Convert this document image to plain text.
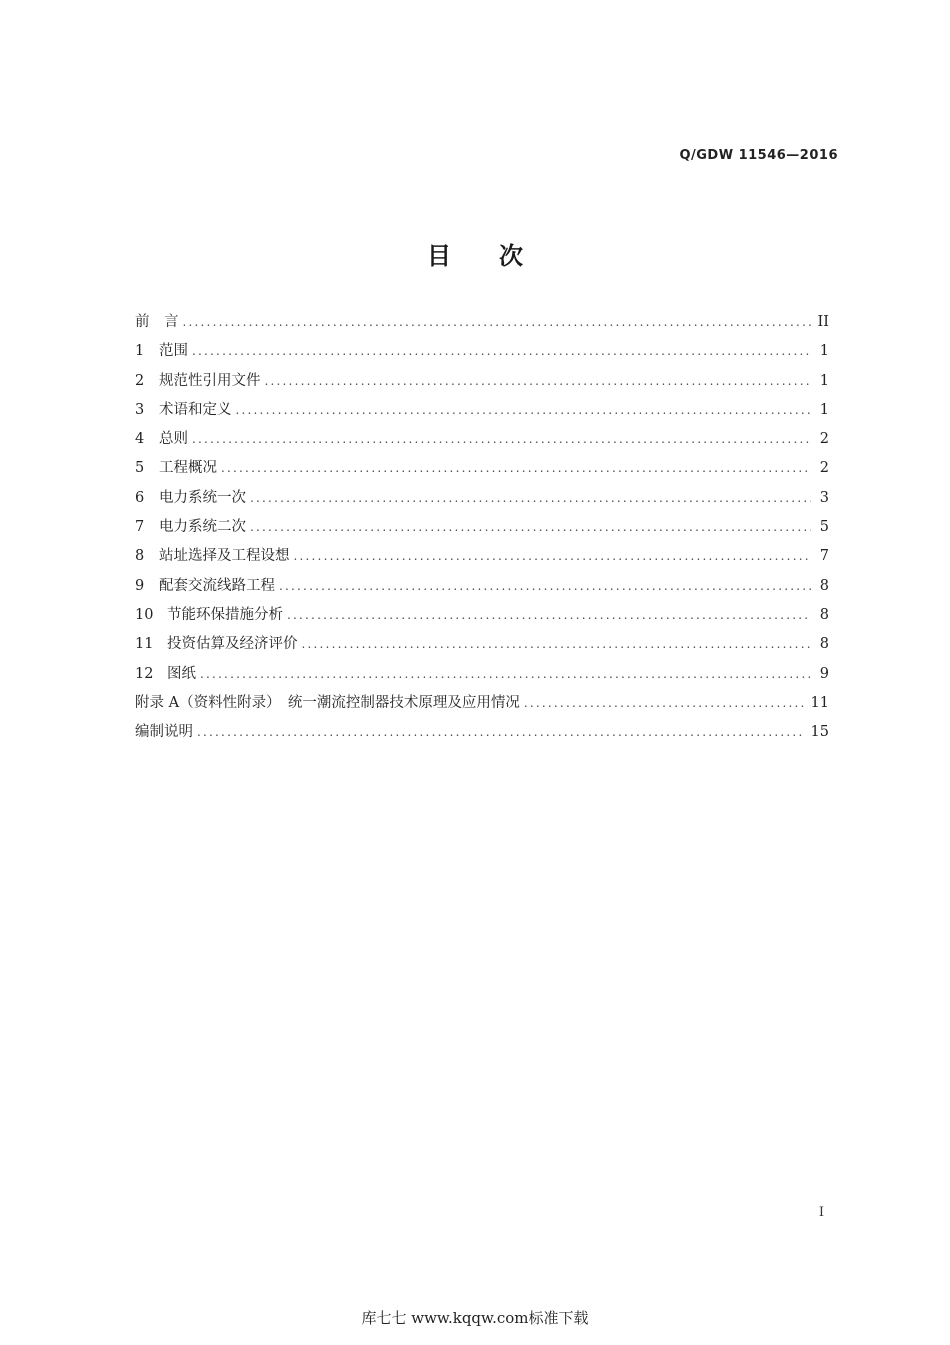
Q/GDW 11546—2016
目 次
前　言 .....	II
1	范围 .....	1
2	规范性引用文件 .....	1
3	术语和定义 .....	1
4	总则 .....	2
5	工程概况 .....	2
6	电力系统一次 .....	3
7	电力系统二次 .....	5
8	站址选择及工程设想 .....	7
9	配套交流线路工程 .....	8
10 节能环保措施分析 .....	8
11 投资估算及经济评价 .....	8
12 图纸 .....	9
附录 A（资料性附录）　统一潮流控制器技术原理及应用情况 .....	11
编制说明 .....	15
I
库七七 www.kqqw.com标准下载
